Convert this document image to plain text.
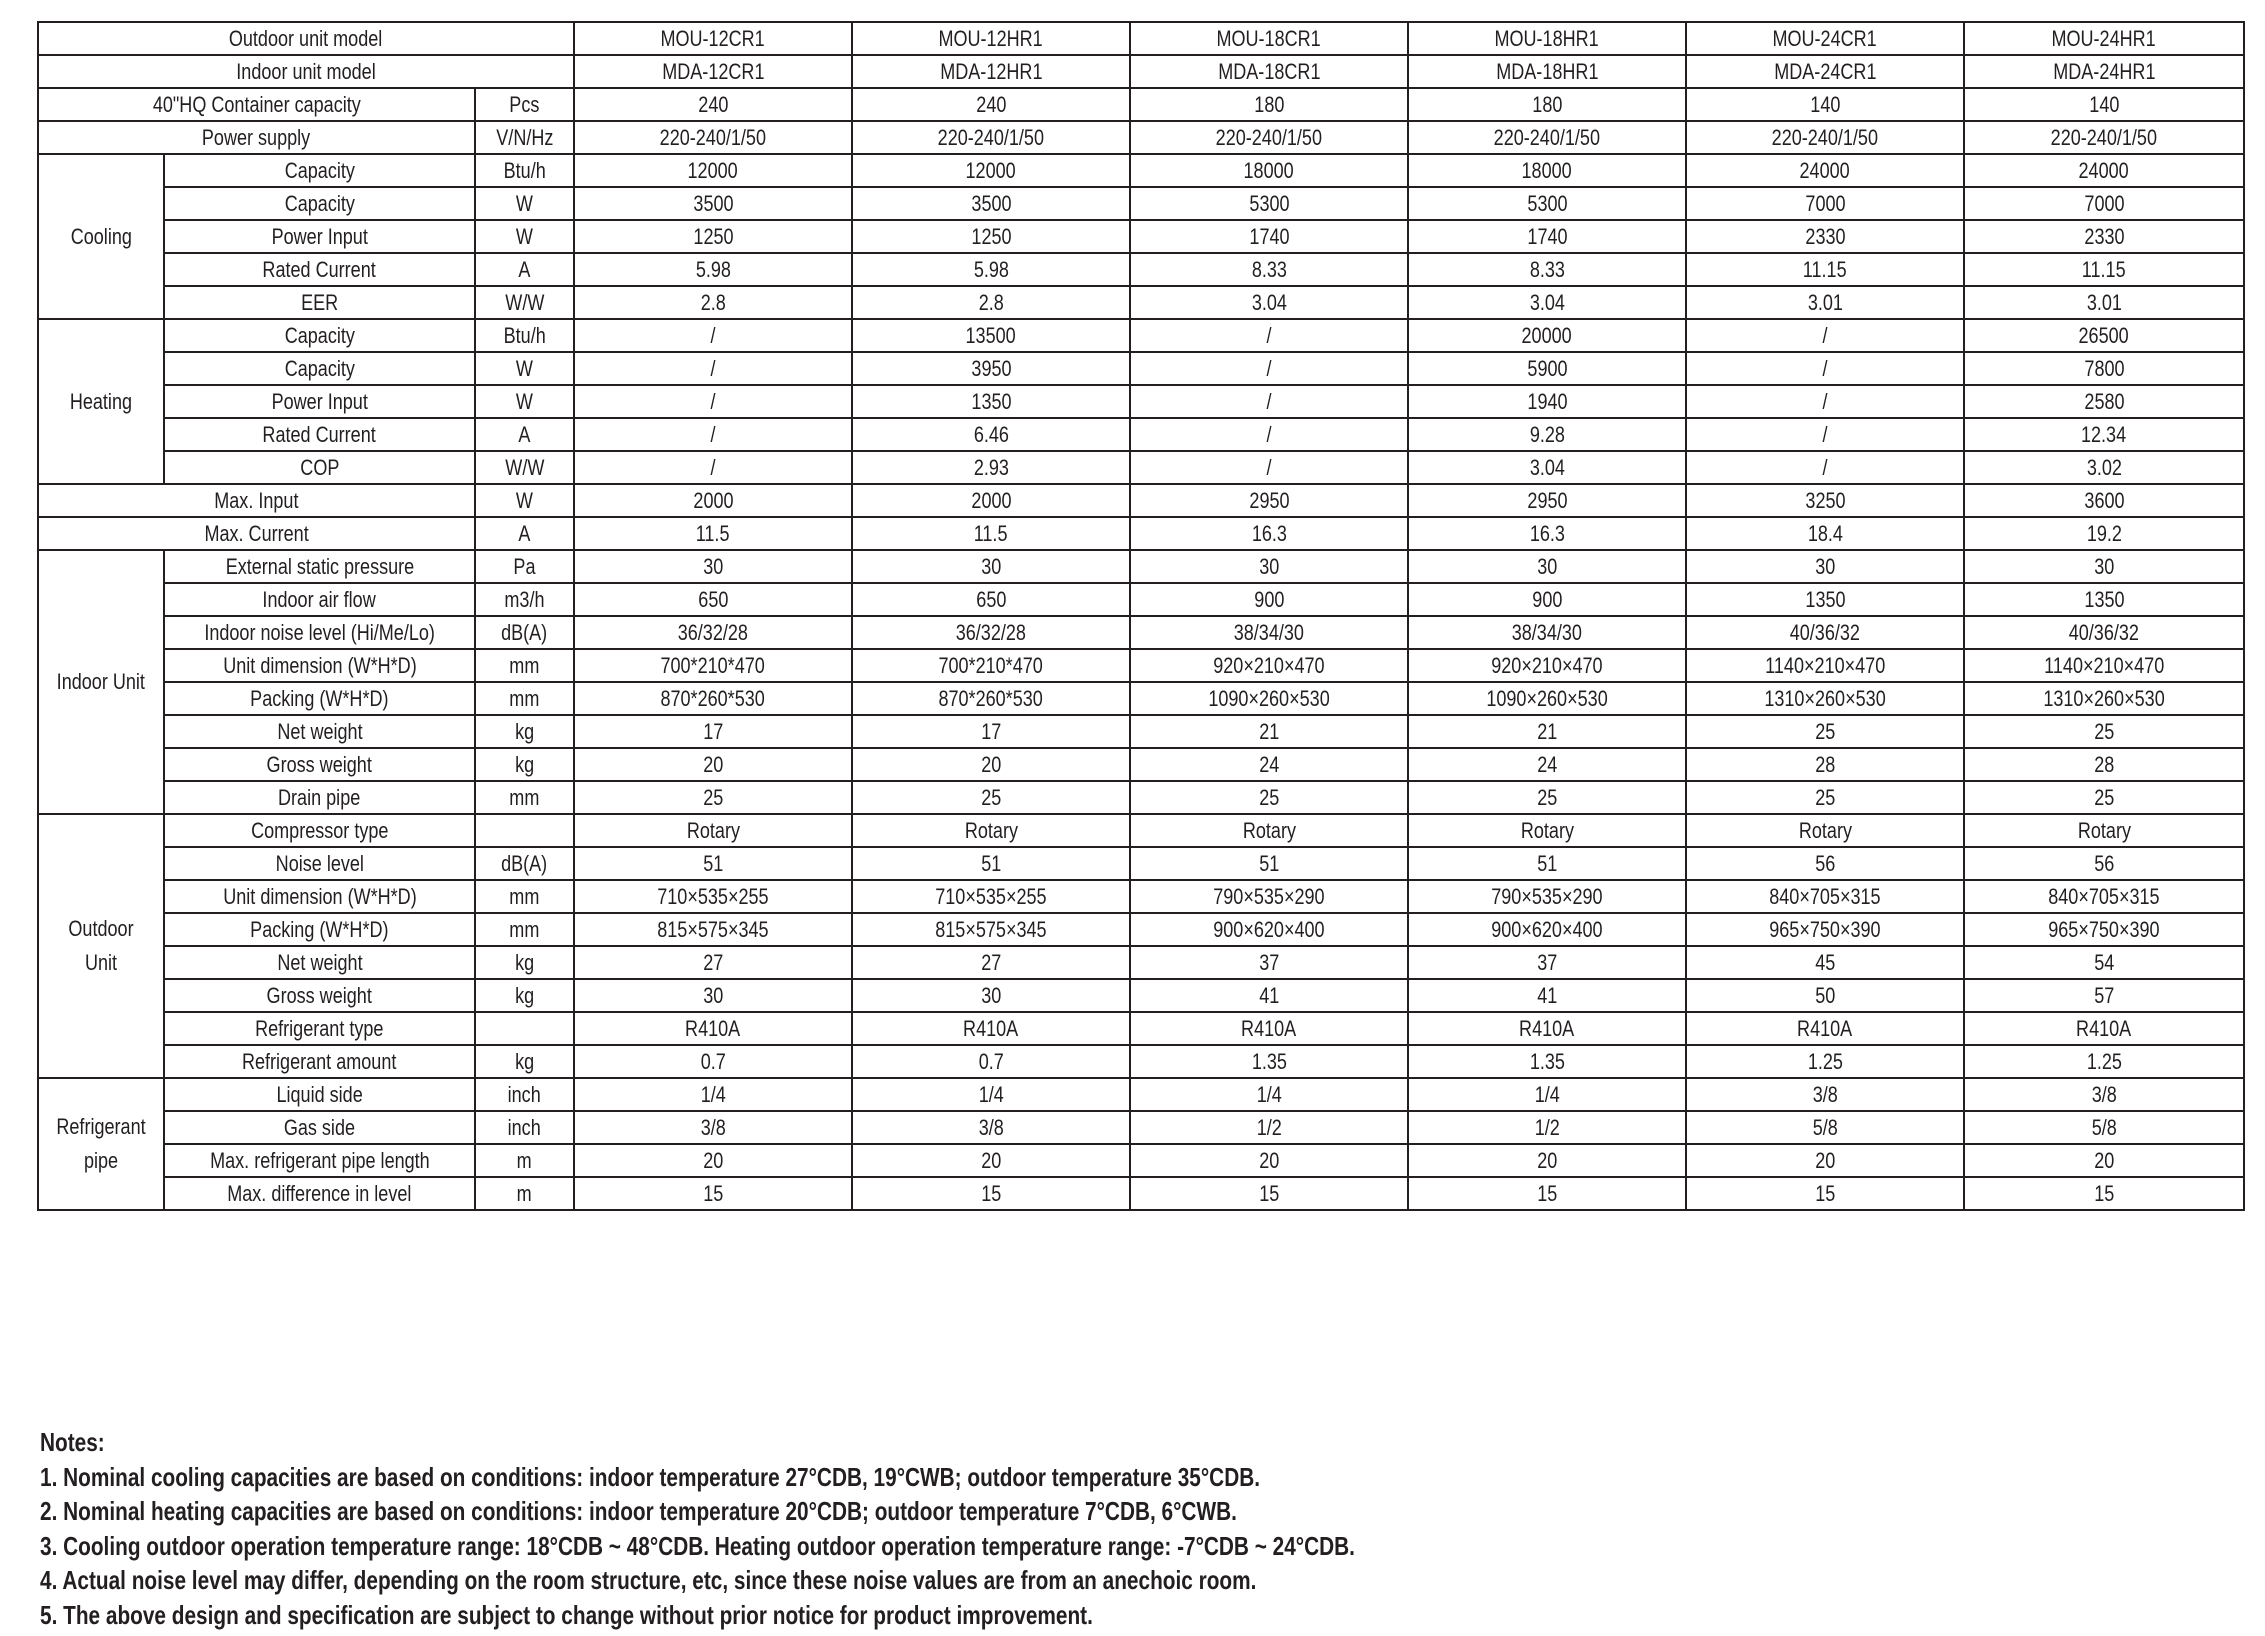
Outdoor unit model			MOU-12CR1	MOU-12HR1	MOU-18CR1	MOU-18HR1	MOU-24CR1	MOU-24HR1
Indoor unit model			MDA-12CR1	MDA-12HR1	MDA-18CR1	MDA-18HR1	MDA-24CR1	MDA-24HR1
40"HQ Container capacity		Pcs	240	240	180	180	140	140
Power supply		V/N/Hz	220-240/1/50	220-240/1/50	220-240/1/50	220-240/1/50	220-240/1/50	220-240/1/50
Cooling	Capacity	Btu/h	12000	12000	18000	18000	24000	24000
	Capacity	W	3500	3500	5300	5300	7000	7000
	Power Input	W	1250	1250	1740	1740	2330	2330
	Rated Current	A	5.98	5.98	8.33	8.33	11.15	11.15
	EER	W/W	2.8	2.8	3.04	3.04	3.01	3.01
Heating	Capacity	Btu/h	/	13500	/	20000	/	26500
	Capacity	W	/	3950	/	5900	/	7800
	Power Input	W	/	1350	/	1940	/	2580
	Rated Current	A	/	6.46	/	9.28	/	12.34
	COP	W/W	/	2.93	/	3.04	/	3.02
Max. Input		W	2000	2000	2950	2950	3250	3600
Max. Current		A	11.5	11.5	16.3	16.3	18.4	19.2
Indoor Unit	External static pressure	Pa	30	30	30	30	30	30
	Indoor air flow	m3/h	650	650	900	900	1350	1350
	Indoor noise level (Hi/Me/Lo)	dB(A)	36/32/28	36/32/28	38/34/30	38/34/30	40/36/32	40/36/32
	Unit dimension (W*H*D)	mm	700*210*470	700*210*470	920×210×470	920×210×470	1140×210×470	1140×210×470
	Packing (W*H*D)	mm	870*260*530	870*260*530	1090×260×530	1090×260×530	1310×260×530	1310×260×530
	Net weight	kg	17	17	21	21	25	25
	Gross weight	kg	20	20	24	24	28	28
	Drain pipe	mm	25	25	25	25	25	25
Outdoor Unit	Compressor type		Rotary	Rotary	Rotary	Rotary	Rotary	Rotary
	Noise level	dB(A)	51	51	51	51	56	56
	Unit dimension (W*H*D)	mm	710×535×255	710×535×255	790×535×290	790×535×290	840×705×315	840×705×315
	Packing (W*H*D)	mm	815×575×345	815×575×345	900×620×400	900×620×400	965×750×390	965×750×390
	Net weight	kg	27	27	37	37	45	54
	Gross weight	kg	30	30	41	41	50	57
	Refrigerant type		R410A	R410A	R410A	R410A	R410A	R410A
	Refrigerant amount	kg	0.7	0.7	1.35	1.35	1.25	1.25
Refrigerant pipe	Liquid side	inch	1/4	1/4	1/4	1/4	3/8	3/8
	Gas side	inch	3/8	3/8	1/2	1/2	5/8	5/8
	Max. refrigerant pipe length	m	20	20	20	20	20	20
	Max. difference in level	m	15	15	15	15	15	15
Notes:
1. Nominal cooling capacities are based on conditions: indoor temperature 27°CDB, 19°CWB; outdoor temperature 35°CDB.
2. Nominal heating capacities are based on conditions: indoor temperature 20°CDB; outdoor temperature 7°CDB, 6°CWB.
3. Cooling outdoor operation temperature range: 18°CDB ~ 48°CDB. Heating outdoor operation temperature range: -7°CDB ~ 24°CDB.
4. Actual noise level may differ, depending on the room structure, etc, since these noise values are from an anechoic room.
5. The above design and specification are subject to change without prior notice for product improvement.
